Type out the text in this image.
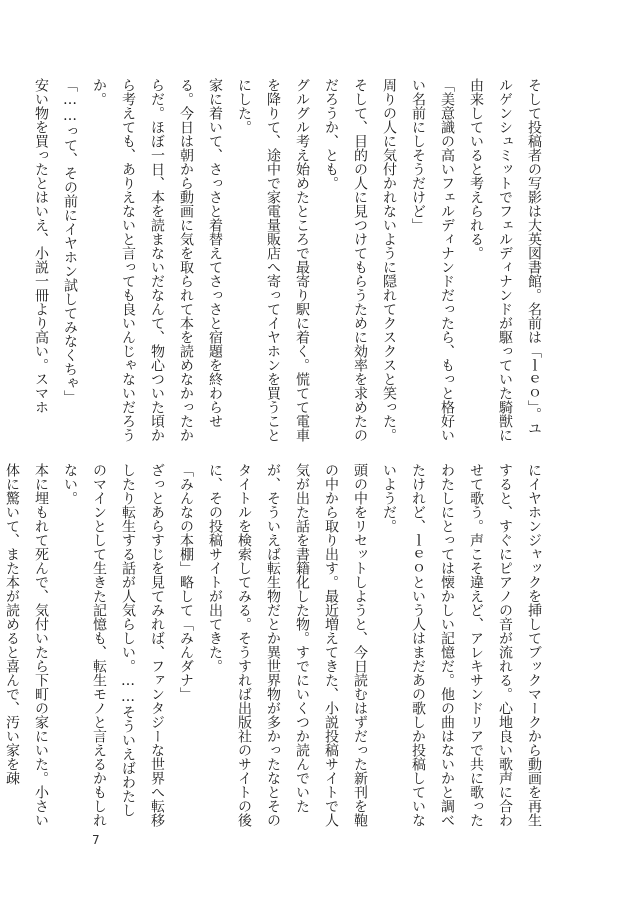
そして投稿者の写影は大英図書館。名前は「ｌｅｏ」。ユルゲンシュミットでフェルディナンドが駆っていた騎獣に由来していると考えられる。

「美意識の高いフェルディナンドだったら、もっと格好いい名前にしそうだけど」

周りの人に気付かれないように隠れてクスクスと笑った。そして、目的の人に見つけてもらうために効率を求めたのだろうか、とも。

グルグル考え始めたところで最寄り駅に着く。慌てて電車を降りて、途中で家電量販店へ寄ってイヤホンを買うことにした。

家に着いて、さっさと着替えてさっさと宿題を終わらせる。今日は朝から動画に気を取られて本を読めなかったからだ。ほぼ一日、本を読まないだなんて、物心ついた頃から考えても、ありえないと言っても良いんじゃないだろうか。

「……って、その前にイヤホン試してみなくちゃ」

安い物を買ったとはいえ、小説一冊より高い。スマホ

にイヤホンジャックを挿してブックマークから動画を再生すると、すぐにピアノの音が流れる。心地良い歌声に合わせて歌う。声こそ違えど、アレキサンドリアで共に歌ったわたしにとっては懐かしい記憶だ。他の曲はないかと調べたけれど、ｌｅｏという人はまだあの歌しか投稿していないようだ。

頭の中をリセットしようと、今日読むはずだった新刊を鞄の中から取り出す。最近増えてきた、小説投稿サイトで人気が出た話を書籍化した物。すでにいくつか読んでいたが、そういえば転生物だとか異世界物が多かったなとそのタイトルを検索してみる。そうすれば出版社のサイトの後に、その投稿サイトが出てきた。

「みんなの本棚」略して「みんダナ」

ざっとあらすじを見てみれば、ファンタジーな世界へ転移したり転生する話が人気らしい。……そういえばわたしのマインとして生きた記憶も、転生モノと言えるかもしれない。

本に埋もれて死んで、気付いたら下町の家にいた。小さい体に驚いて、また本が読めると喜んで、汚い家を疎

7
